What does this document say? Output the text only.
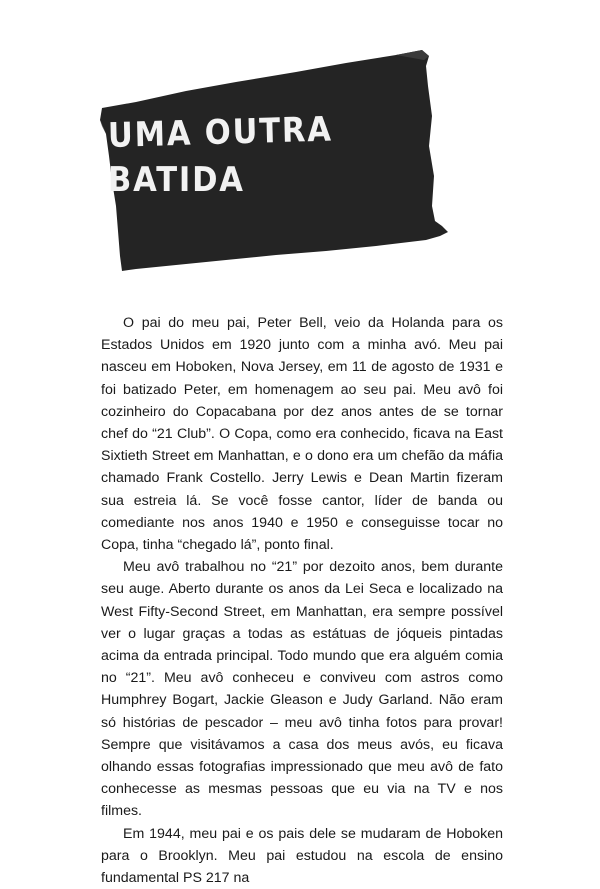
UMA OUTRA
BATIDA

O pai do meu pai, Peter Bell, veio da Holanda para os Estados Unidos em 1920 junto com a minha avó. Meu pai nasceu em Hoboken, Nova Jersey, em 11 de agosto de 1931 e foi batizado Peter, em homenagem ao seu pai. Meu avô foi cozinheiro do Copacabana por dez anos antes de se tornar chef do “21 Club”. O Copa, como era conhecido, ficava na East Sixtieth Street em Manhattan, e o dono era um chefão da máfia chamado Frank Costello. Jerry Lewis e Dean Martin fizeram sua estreia lá. Se você fosse cantor, líder de banda ou comediante nos anos 1940 e 1950 e conseguisse tocar no Copa, tinha “chegado lá”, ponto final.

Meu avô trabalhou no “21” por dezoito anos, bem durante seu auge. Aberto durante os anos da Lei Seca e localizado na West Fifty-Second Street, em Manhattan, era sempre possível ver o lugar graças a todas as estátuas de jóqueis pintadas acima da entrada principal. Todo mundo que era alguém comia no “21”. Meu avô conheceu e conviveu com astros como Humphrey Bogart, Jackie Gleason e Judy Garland. Não eram só histórias de pescador – meu avô tinha fotos para provar! Sempre que visitávamos a casa dos meus avós, eu ficava olhando essas fotografias impressionado que meu avô de fato conhecesse as mesmas pessoas que eu via na TV e nos filmes.

Em 1944, meu pai e os pais dele se mudaram de Hoboken para o Brooklyn. Meu pai estudou na escola de ensino fundamental PS 217 na
